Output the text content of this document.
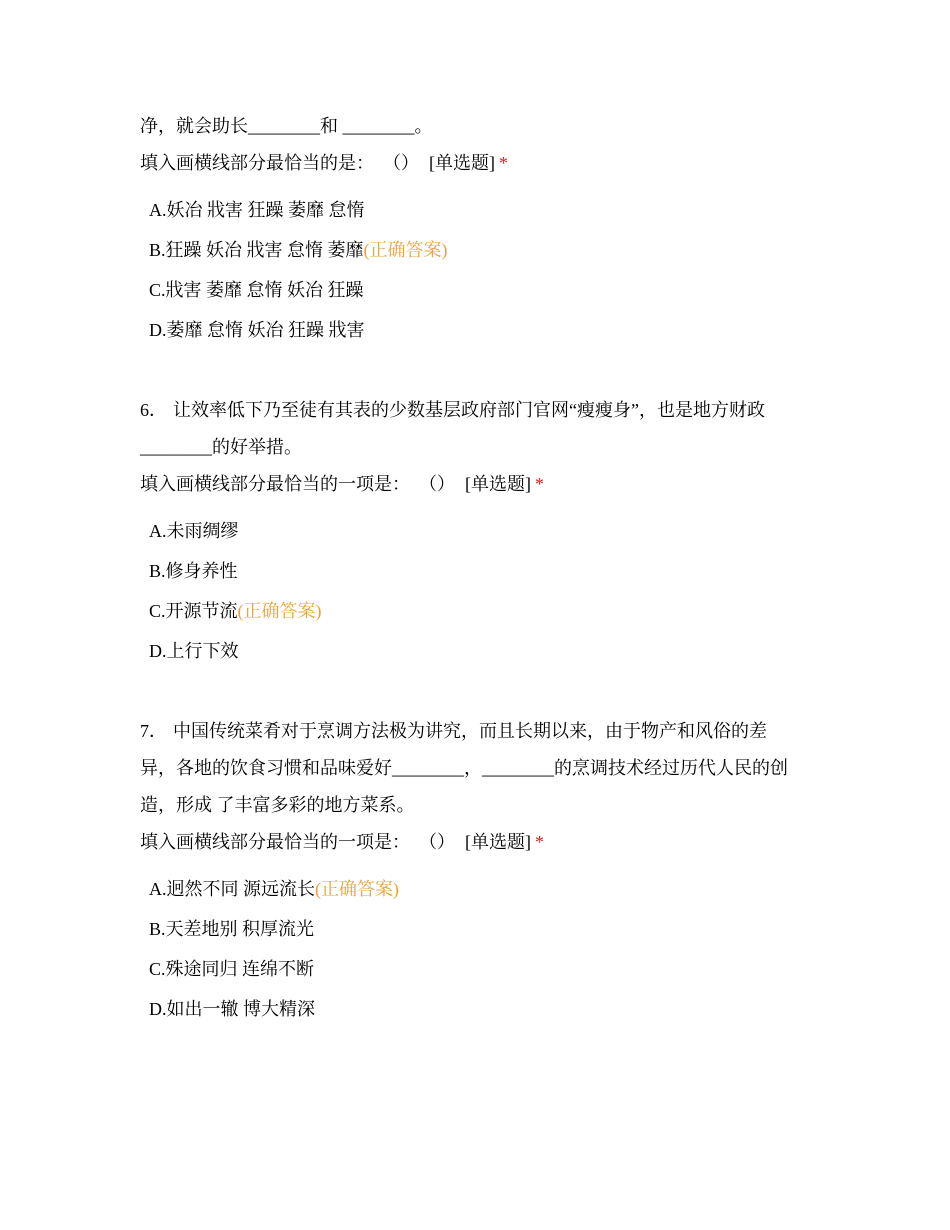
净，就会助长________和 ________。
填入画横线部分最恰当的是： （） [单选题] *
A.妖冶 戕害 狂躁 萎靡 怠惰
B.狂躁 妖冶 戕害 怠惰 萎靡(正确答案)
C.戕害 萎靡 怠惰 妖冶 狂躁
D.萎靡 怠惰 妖冶 狂躁 戕害
6． 让效率低下乃至徒有其表的少数基层政府部门官网“瘦瘦身”，也是地方财政
________的好举措。
填入画横线部分最恰当的一项是： （） [单选题] *
A.未雨绸缪
B.修身养性
C.开源节流(正确答案)
D.上行下效
7． 中国传统菜肴对于烹调方法极为讲究，而且长期以来，由于物产和风俗的差
异，各地的饮食习惯和品味爱好________，________的烹调技术经过历代人民的创
造，形成 了丰富多彩的地方菜系。
填入画横线部分最恰当的一项是： （） [单选题] *
A.迥然不同 源远流长(正确答案)
B.天差地别 积厚流光
C.殊途同归 连绵不断
D.如出一辙 博大精深
